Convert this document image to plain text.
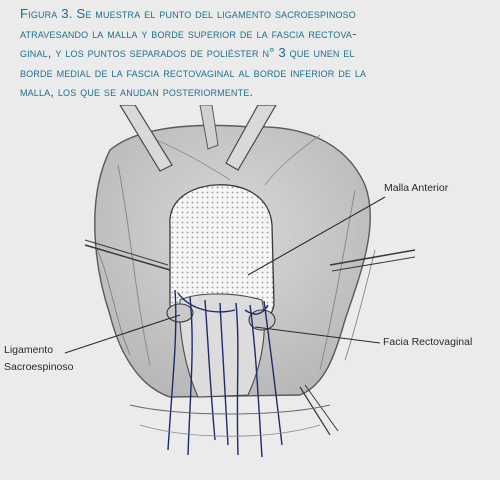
Figura 3. Se muestra el punto del ligamento sacroespinoso
atravesando la malla y borde superior de la fascia rectova-
ginal, y los puntos separados de poliéster n° 3 que unen el
borde medial de la fascia rectovaginal al borde inferior de la
malla, los que se anudan posteriormente.
Malla Anterior
Facia Rectovaginal
Ligamento
Sacroespinoso
